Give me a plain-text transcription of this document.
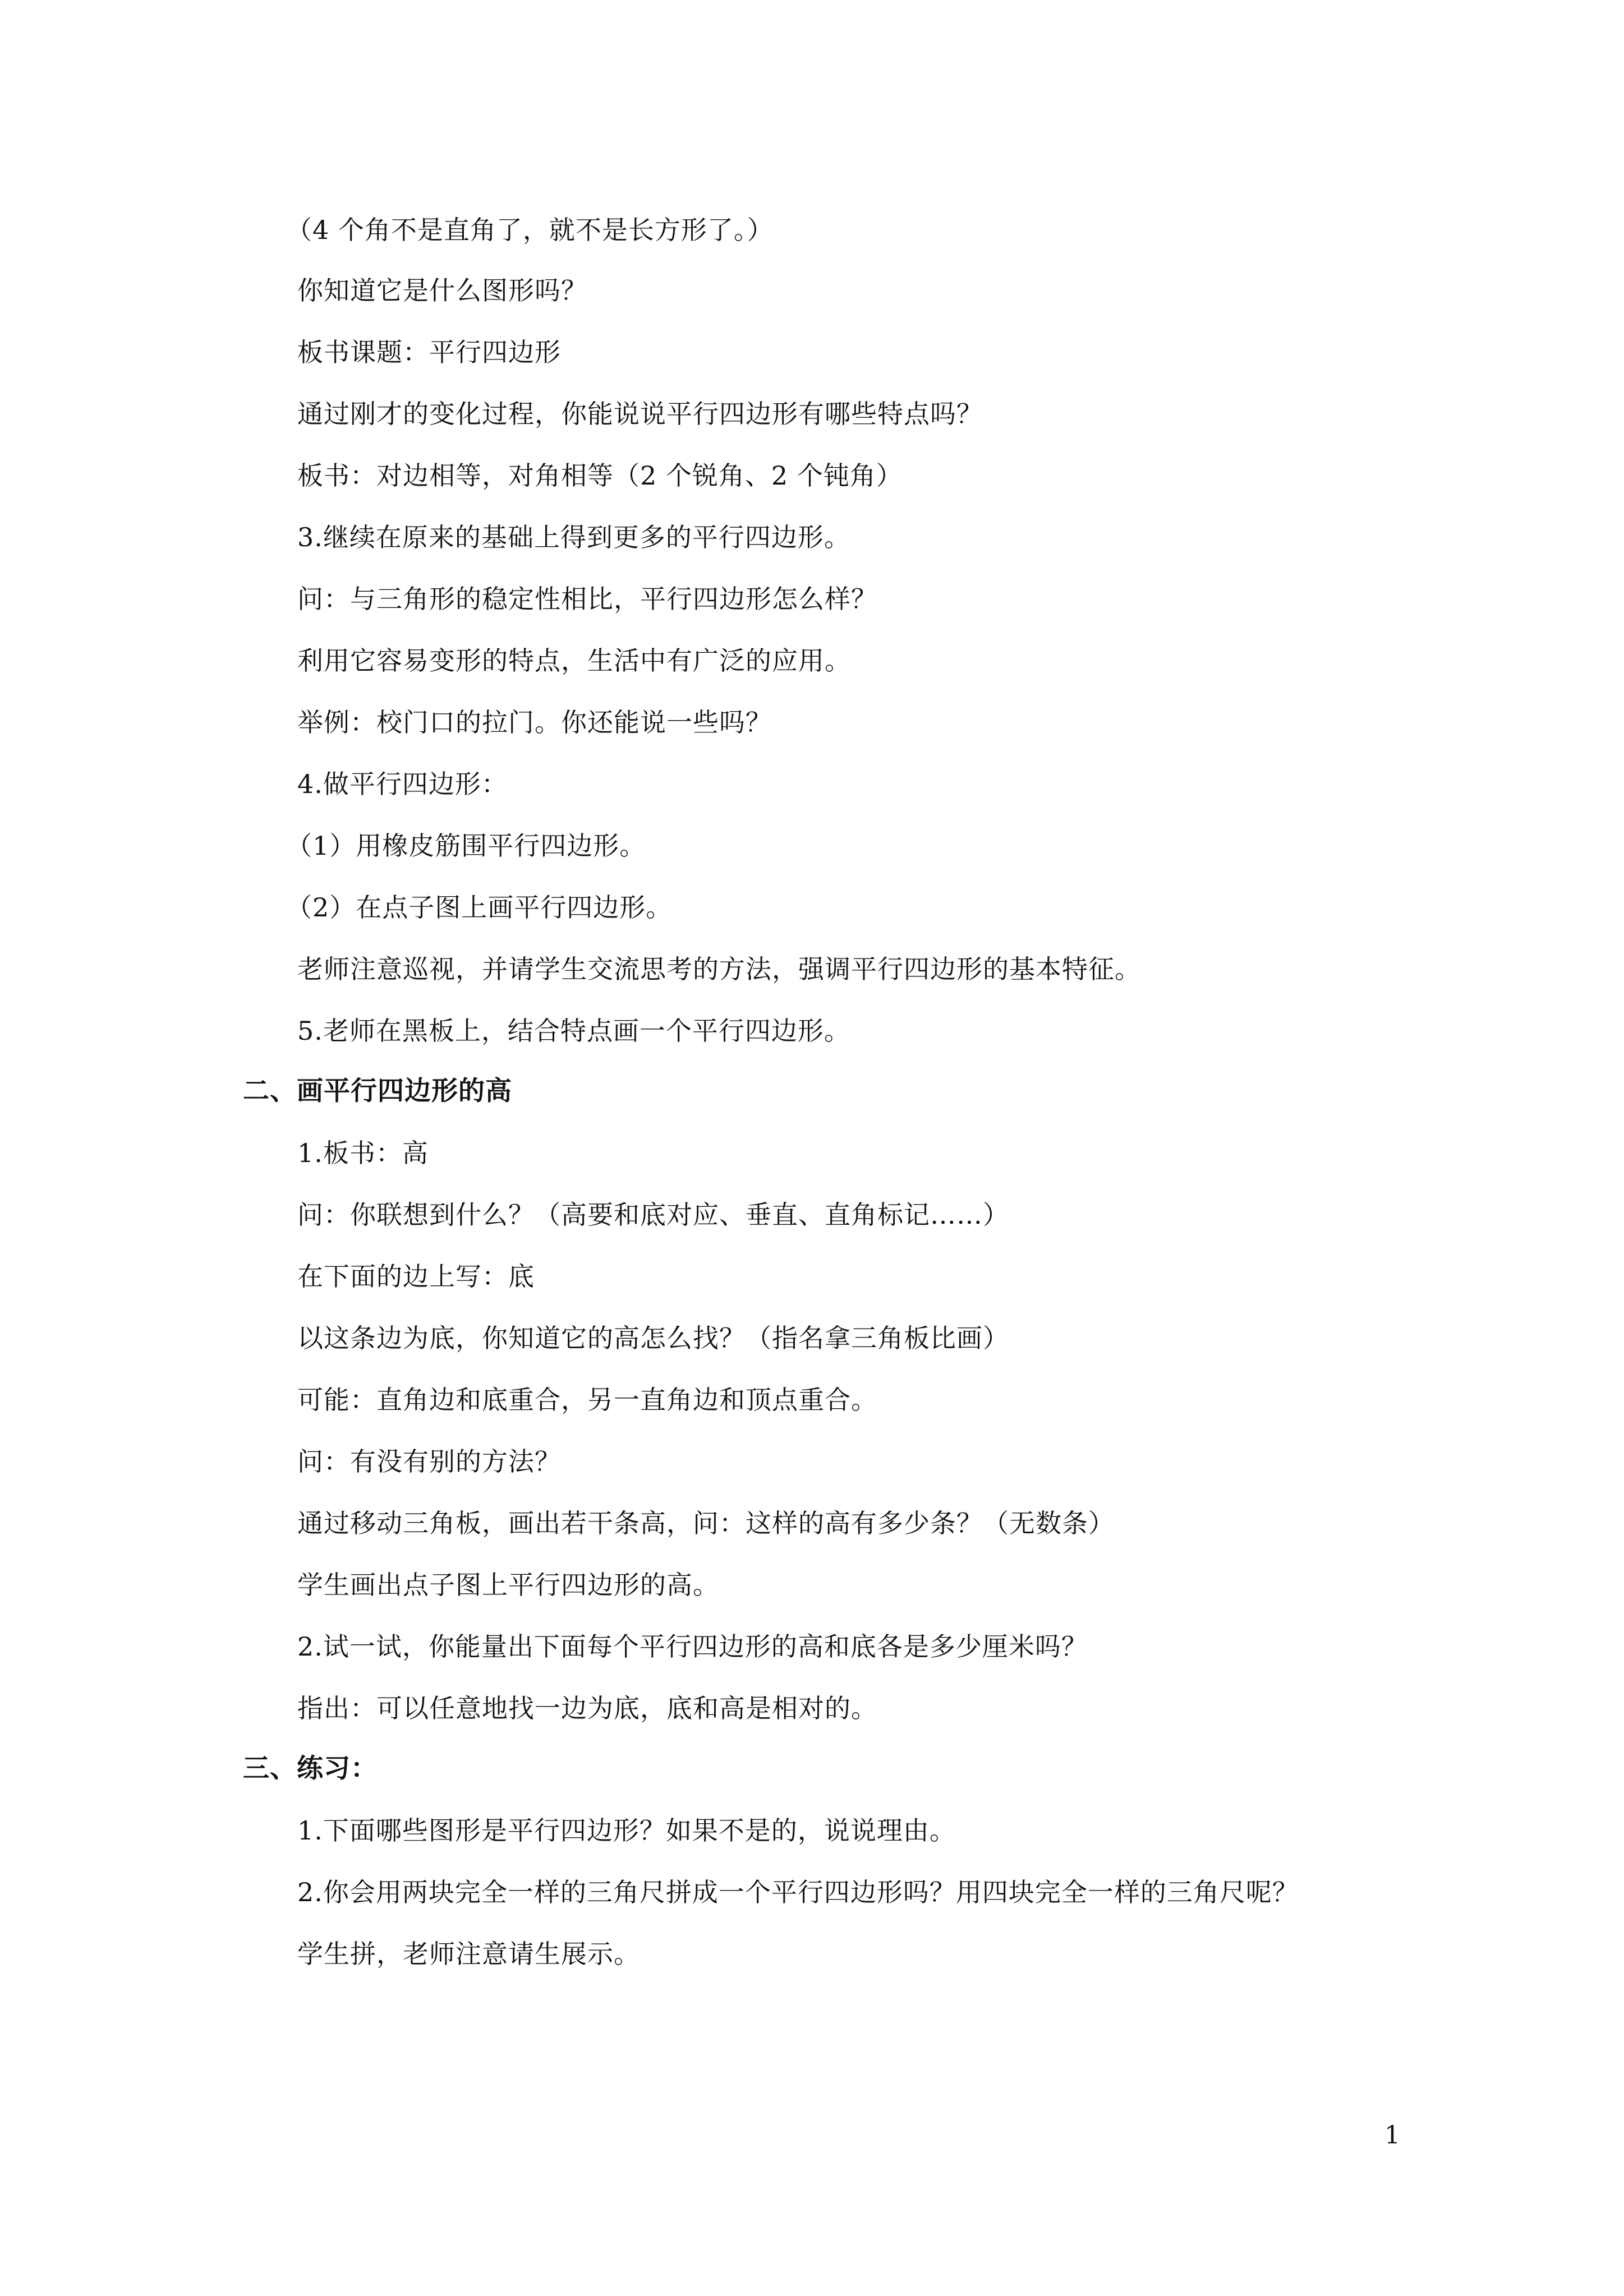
（4 个角不是直角了，就不是长方形了。）
你知道它是什么图形吗？
板书课题：平行四边形
通过刚才的变化过程，你能说说平行四边形有哪些特点吗？
板书：对边相等，对角相等（2 个锐角、2 个钝角）
3.继续在原来的基础上得到更多的平行四边形。
问：与三角形的稳定性相比，平行四边形怎么样？
利用它容易变形的特点，生活中有广泛的应用。
举例：校门口的拉门。你还能说一些吗？
4.做平行四边形：
（1）用橡皮筋围平行四边形。
（2）在点子图上画平行四边形。
老师注意巡视，并请学生交流思考的方法，强调平行四边形的基本特征。
5.老师在黑板上，结合特点画一个平行四边形。
二、画平行四边形的高
1.板书：高
问：你联想到什么？（高要和底对应、垂直、直角标记……）
在下面的边上写：底
以这条边为底，你知道它的高怎么找？（指名拿三角板比画）
可能：直角边和底重合，另一直角边和顶点重合。
问：有没有别的方法？
通过移动三角板，画出若干条高，问：这样的高有多少条？（无数条）
学生画出点子图上平行四边形的高。
2.试一试，你能量出下面每个平行四边形的高和底各是多少厘米吗？
指出：可以任意地找一边为底，底和高是相对的。
三、练习：
1.下面哪些图形是平行四边形？如果不是的，说说理由。
2.你会用两块完全一样的三角尺拼成一个平行四边形吗？用四块完全一样的三角尺呢？
学生拼，老师注意请生展示。
1
